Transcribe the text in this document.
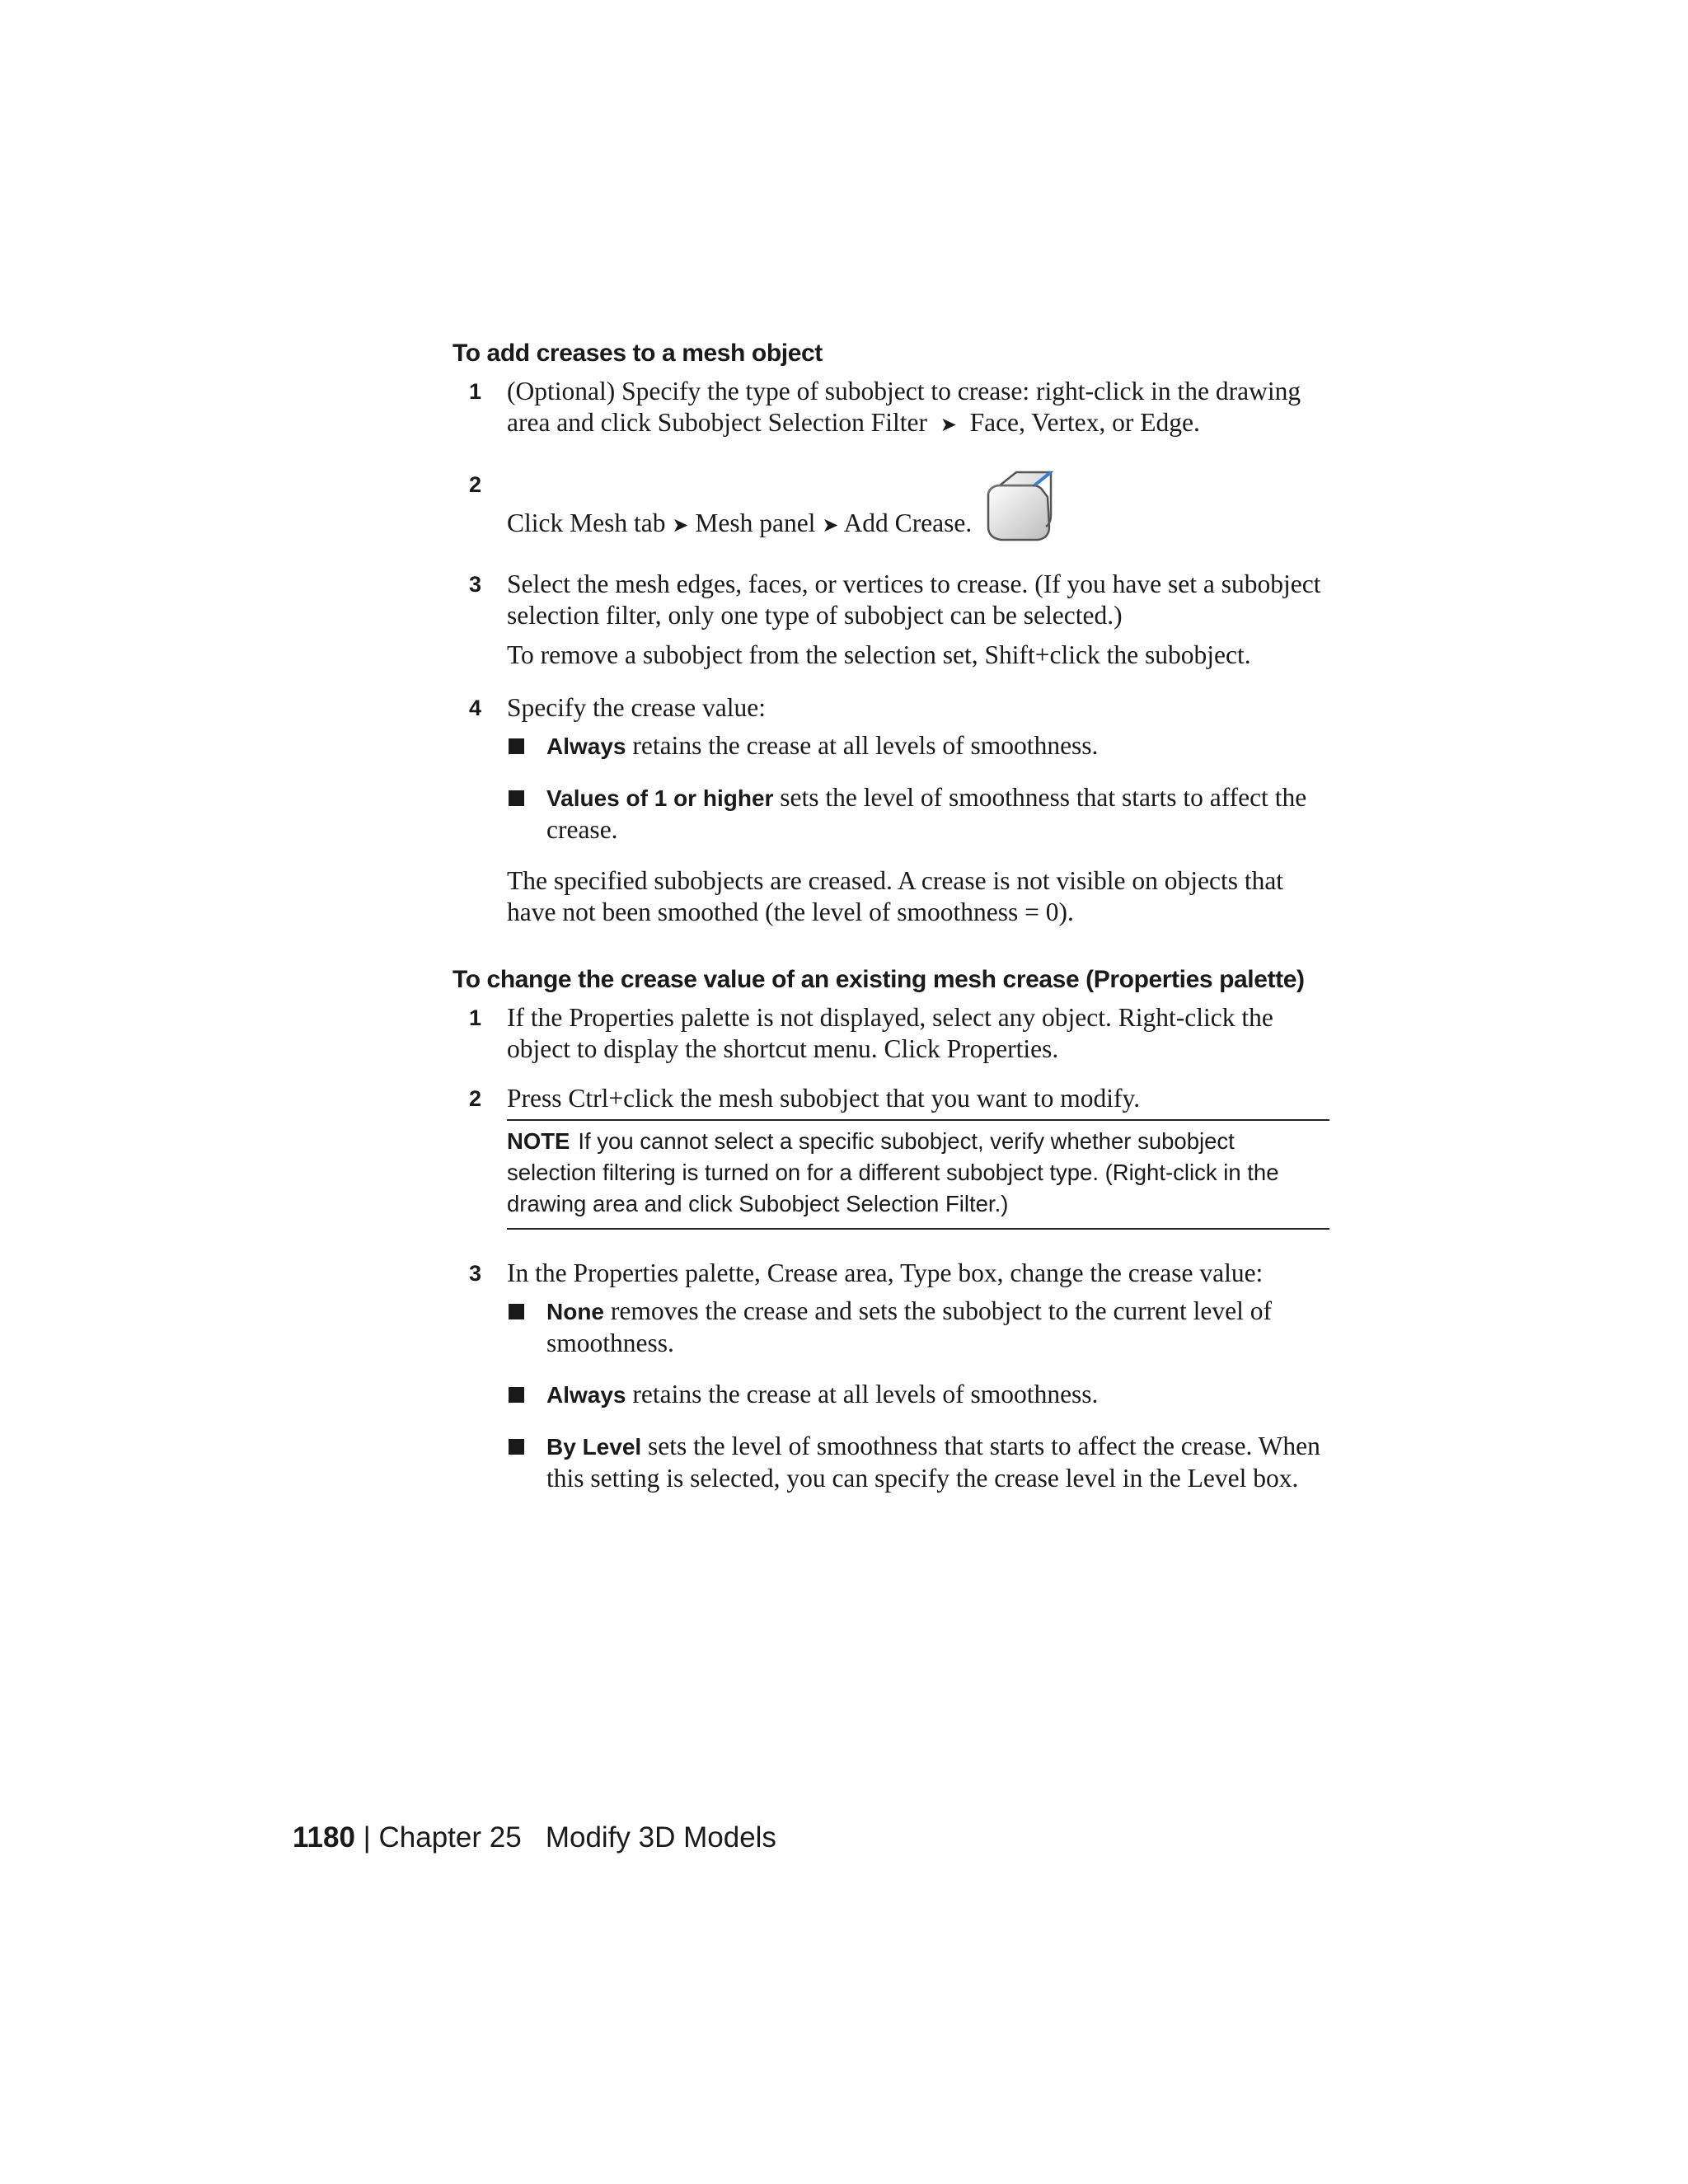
To add creases to a mesh object
1 (Optional) Specify the type of subobject to crease: right-click in the drawing area and click Subobject Selection Filter ➤ Face, Vertex, or Edge.

2

Click Mesh tab ➤ Mesh panel ➤ Add Crease.

3 Select the mesh edges, faces, or vertices to crease. (If you have set a subobject selection filter, only one type of subobject can be selected.)

To remove a subobject from the selection set, Shift+click the subobject.

4 Specify the crease value:

Always retains the crease at all levels of smoothness.
Values of 1 or higher sets the level of smoothness that starts to affect the crease.

The specified subobjects are creased. A crease is not visible on objects that have not been smoothed (the level of smoothness = 0).

To change the crease value of an existing mesh crease (Properties palette)
1 If the Properties palette is not displayed, select any object. Right-click the object to display the shortcut menu. Click Properties.

2 Press Ctrl+click the mesh subobject that you want to modify.

NOTE If you cannot select a specific subobject, verify whether subobject selection filtering is turned on for a different subobject type. (Right-click in the drawing area and click Subobject Selection Filter.)
3 In the Properties palette, Crease area, Type box, change the crease value:

None removes the crease and sets the subobject to the current level of smoothness.
Always retains the crease at all levels of smoothness.
By Level sets the level of smoothness that starts to affect the crease. When this setting is selected, you can specify the crease level in the Level box.
1180 | Chapter 25   Modify 3D Models
